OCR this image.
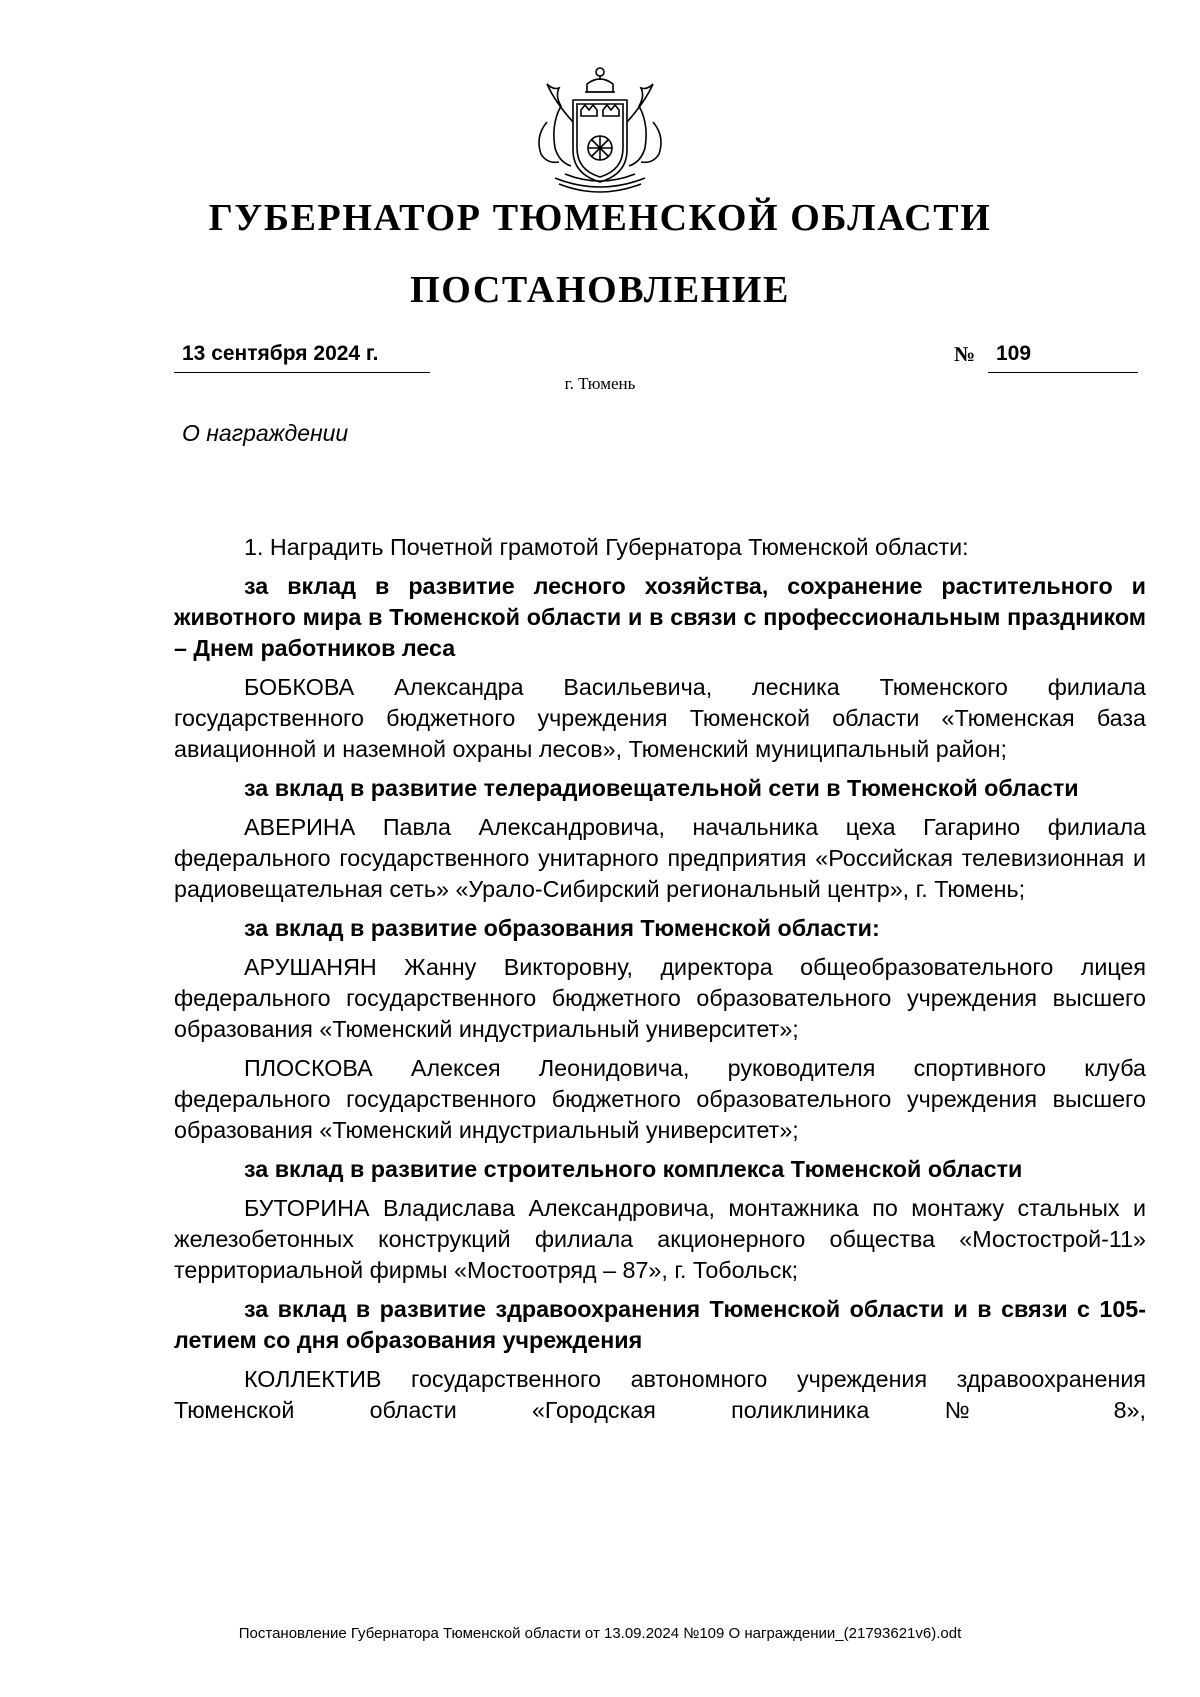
ГУБЕРНАТОР ТЮМЕНСКОЙ ОБЛАСТИ
ПОСТАНОВЛЕНИЕ
13 сентября 2024 г.	№ 109
г. Тюмень
О награждении

1. Наградить Почетной грамотой Губернатора Тюменской области:

за вклад в развитие лесного хозяйства, сохранение растительного и животного мира в Тюменской области и в связи с профессиональным праздником – Днем работников леса

БОБКОВА Александра Васильевича, лесника Тюменского филиала государственного бюджетного учреждения Тюменской области «Тюменская база авиационной и наземной охраны лесов», Тюменский муниципальный район;

за вклад в развитие телерадиовещательной сети в Тюменской области

АВЕРИНА Павла Александровича, начальника цеха Гагарино филиала федерального государственного унитарного предприятия «Российская телевизионная и радиовещательная сеть» «Урало-Сибирский региональный центр», г. Тюмень;

за вклад в развитие образования Тюменской области:

АРУШАНЯН Жанну Викторовну, директора общеобразовательного лицея федерального государственного бюджетного образовательного учреждения высшего образования «Тюменский индустриальный университет»;

ПЛОСКОВА Алексея Леонидовича, руководителя спортивного клуба федерального государственного бюджетного образовательного учреждения высшего образования «Тюменский индустриальный университет»;

за вклад в развитие строительного комплекса Тюменской области

БУТОРИНА Владислава Александровича, монтажника по монтажу стальных и железобетонных конструкций филиала акционерного общества «Мостострой-11» территориальной фирмы «Мостоотряд – 87», г. Тобольск;

за вклад в развитие здравоохранения Тюменской области и в связи с 105-летием со дня образования учреждения

КОЛЛЕКТИВ государственного автономного учреждения здравоохранения Тюменской области «Городская поликлиника № 8»,

Постановление Губернатора Тюменской области от 13.09.2024 №109 О награждении_(21793621v6).odt
